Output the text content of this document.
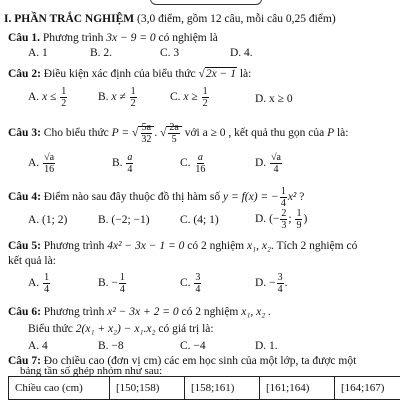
I. PHẦN TRẮC NGHIỆM (3,0 điểm, gồm 12 câu, mỗi câu 0,25 điểm)
Câu 1. Phương trình 3x − 9 = 0 có nghiệm là
A. 1	B. 2.	C. 3	D. 4.
Câu 2: Điều kiện xác định của biểu thức √2x − 1 là:
A. $x \le \frac{1}{2}$	B. $x \ne \frac{1}{2}$	C. $x \ge \frac{1}{2}$	D. x ≥ 0
Câu 3: Cho biểu thức P = √ $\frac{5a}{32}$ . √ $\frac{2a}{5}$ với a ≥ 0 , kết quả thu gọn của P là:
A. $\frac{√a}{16}$	B. $\frac{a}{4}$	C. $\frac{a}{16}$	D. $\frac{√a}{4}$
Câu 4: Điểm nào sau đây thuộc đồ thị hàm số y = f(x) = − $\frac{1}{4} x^2$ ?
A. (1; 2)	B. (−2; −1)	C. (4; 1)	D. (− $\frac{2}{3}$ ; $\frac{1}{9}$ )
Câu 5: Phương trình 4x² − 3x − 1 = 0 có 2 nghiệm x₁, x₂. Tích 2 nghiệm có
kết quả là:
A. $\frac{1}{4}$	B. − $\frac{1}{4}$	C. $\frac{3}{4}$	D. − $\frac{3}{4}$ .
Câu 6: Phương trình x² − 3x + 2 = 0 có 2 nghiệm x₁, x₂ .
Biểu thức 2(x₁ + x₂) − x₁.x₂ có giá trị là:
A. 4	B. −8	C. −4	D. 1.
Câu 7: Đo chiều cao (đơn vị cm) các em học sinh của một lớp, ta được một
bảng tần số ghép nhóm như sau:
Chiều cao (cm)	[150;158)	[158;161)	[161;164)	[164;167)
